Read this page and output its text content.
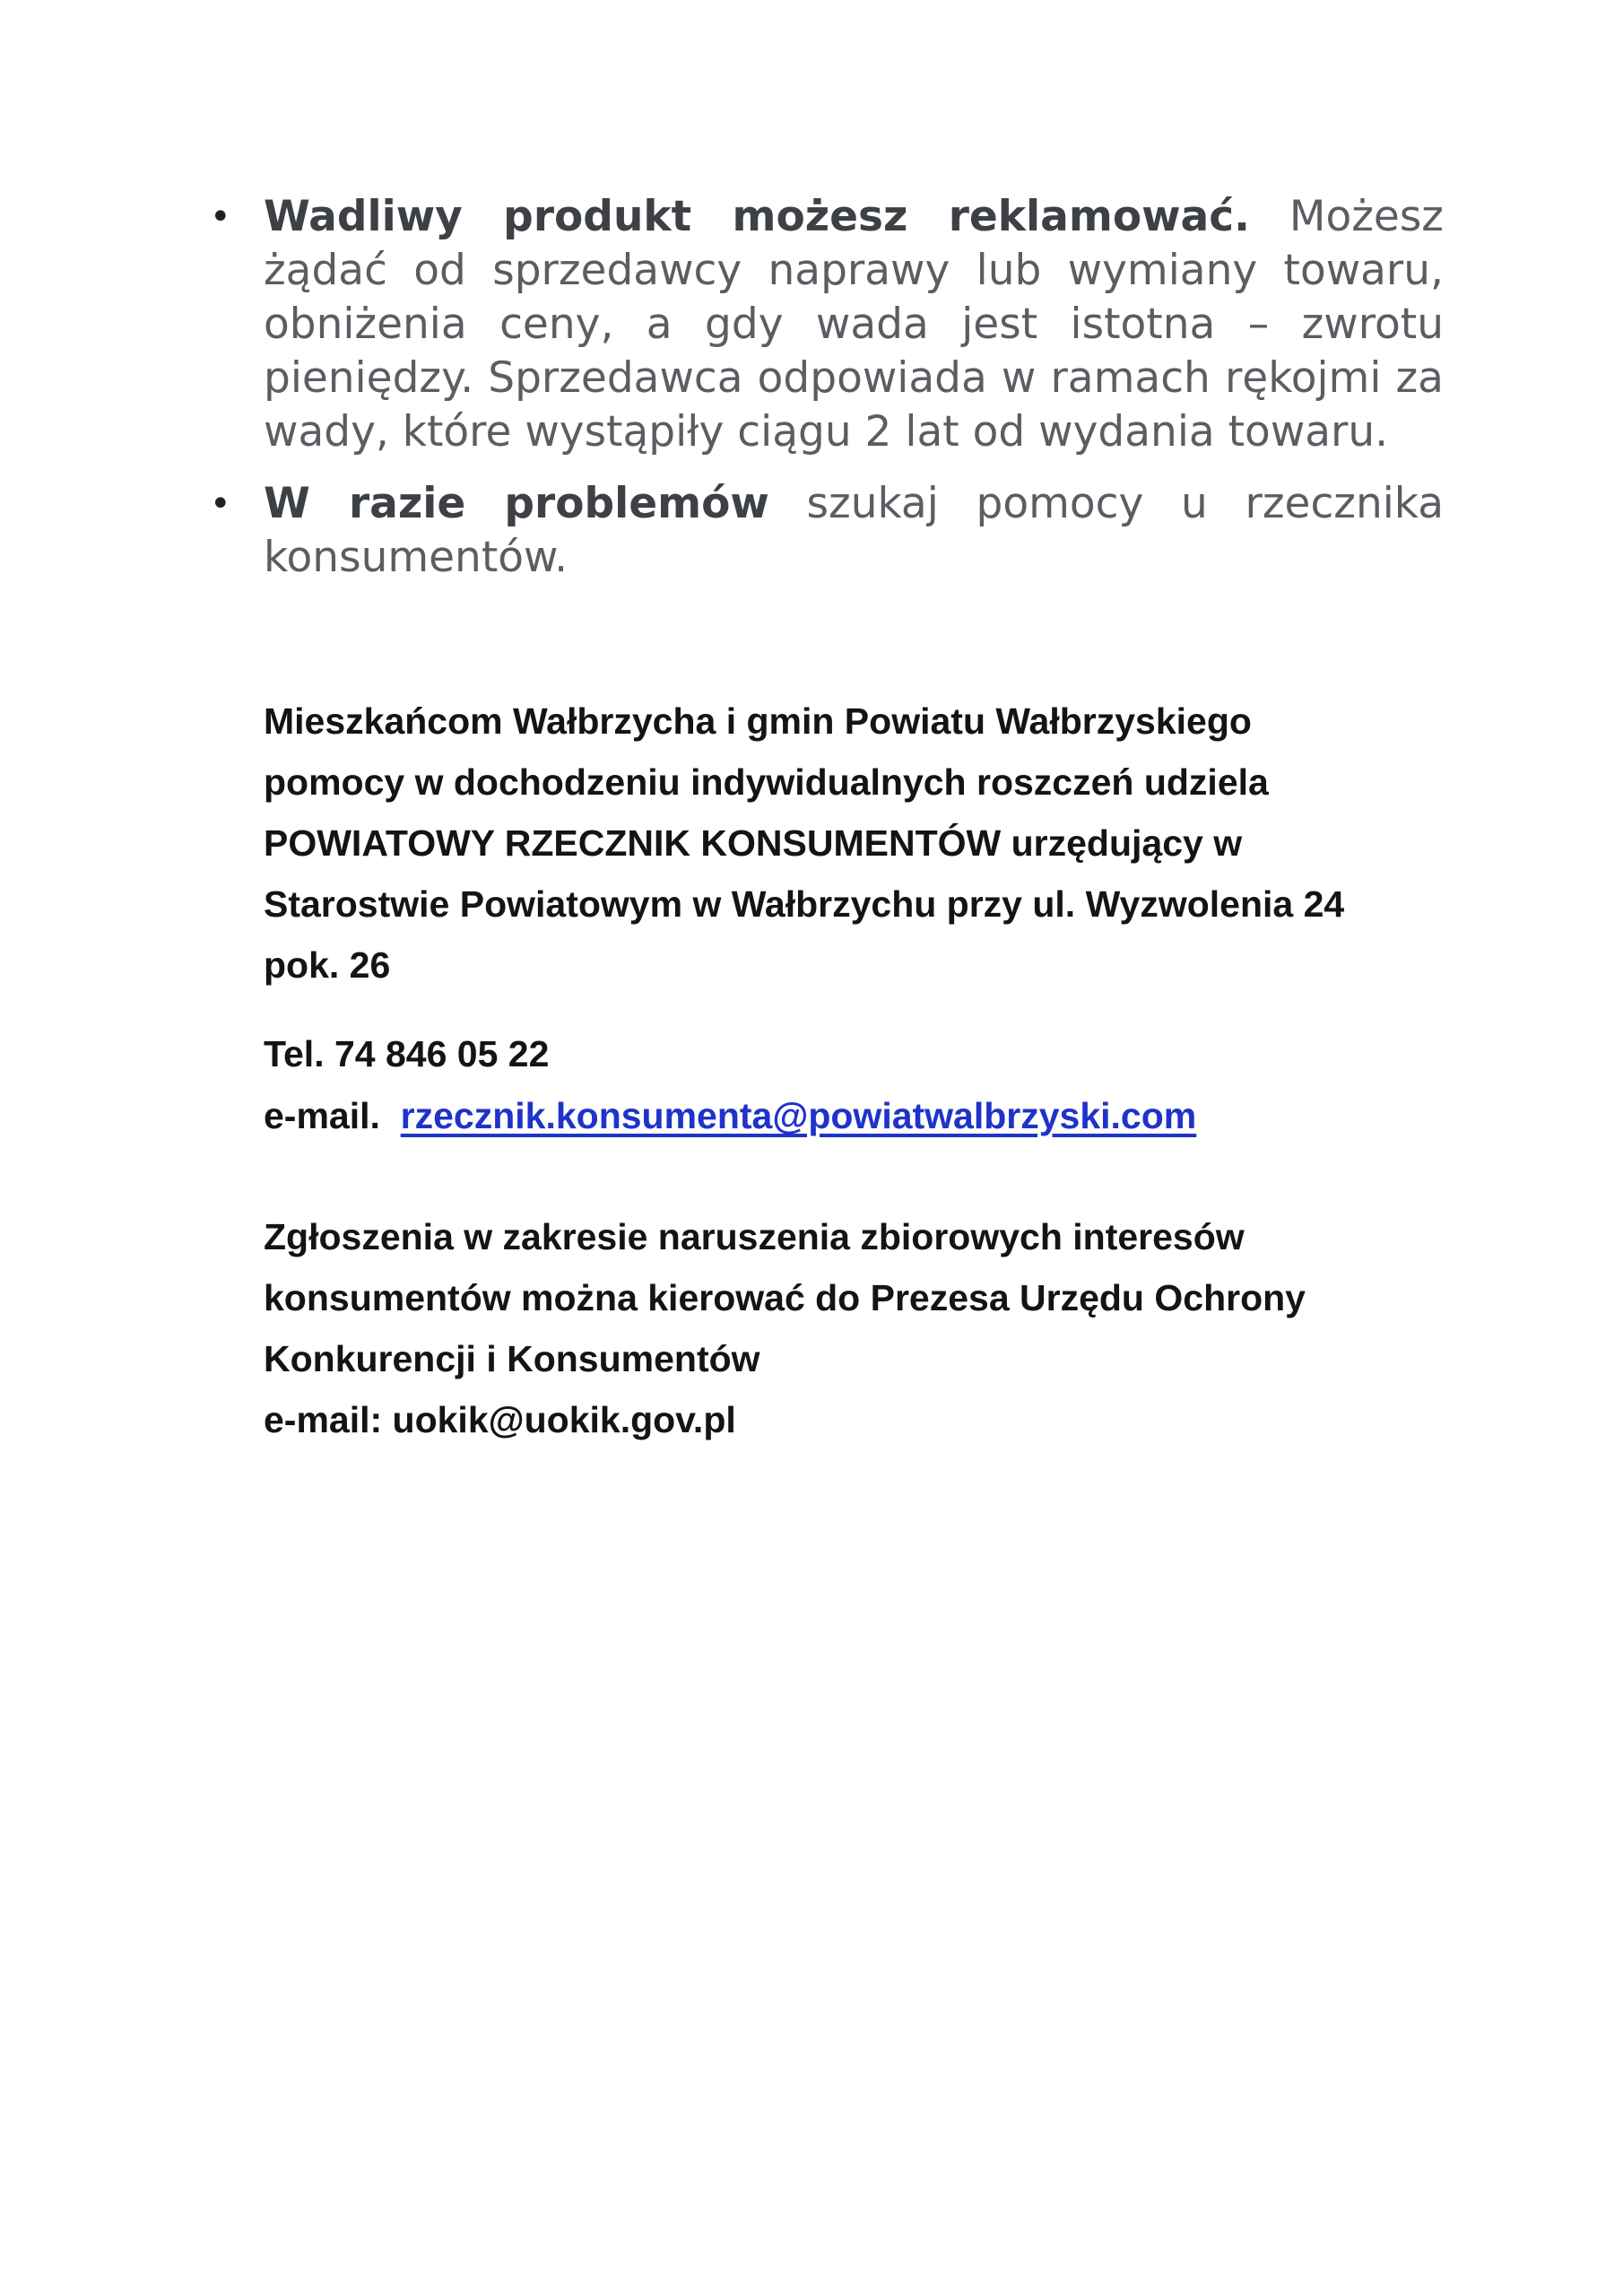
• Wadliwy produkt możesz reklamować. Możesz żądać od sprzedawcy naprawy lub wymiany towaru, obniżenia ceny, a gdy wada jest istotna – zwrotu pieniędzy. Sprzedawca odpowiada w ramach rękojmi za wady, które wystąpiły ciągu 2 lat od wydania towaru.
• W razie problemów szukaj pomocy u rzecznika konsumentów.
Mieszkańcom Wałbrzycha i gmin Powiatu Wałbrzyskiego
pomocy w dochodzeniu indywidualnych roszczeń udziela
POWIATOWY RZECZNIK KONSUMENTÓW urzędujący w
Starostwie Powiatowym w Wałbrzychu przy ul. Wyzwolenia 24
pok. 26
Tel. 74 846 05 22
e-mail.  rzecznik.konsumenta@powiatwalbrzyski.com
Zgłoszenia w zakresie naruszenia zbiorowych interesów
konsumentów można kierować do Prezesa Urzędu Ochrony
Konkurencji i Konsumentów
e-mail: uokik@uokik.gov.pl
